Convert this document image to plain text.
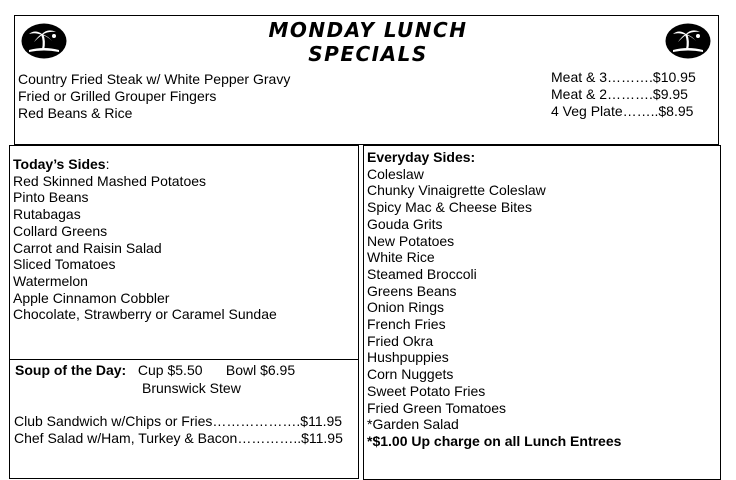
MONDAY LUNCH SPECIALS
Country Fried Steak w/ White Pepper Gravy
Fried or Grilled Grouper Fingers
Red Beans & Rice
Meat & 3……….$10.95
Meat & 2……….$9.95
4 Veg Plate……..$8.95
Today’s Sides:
Red Skinned Mashed Potatoes
Pinto Beans
Rutabagas
Collard Greens
Carrot and Raisin Salad
Sliced Tomatoes
Watermelon
Apple Cinnamon Cobbler
Chocolate, Strawberry or Caramel Sundae
Soup of the Day: Cup $5.50 Bowl $6.95
Brunswick Stew
Club Sandwich w/Chips or Fries……………….$11.95
Chef Salad w/Ham, Turkey & Bacon…………..$11.95
Everyday Sides:
Coleslaw
Chunky Vinaigrette Coleslaw
Spicy Mac & Cheese Bites
Gouda Grits
New Potatoes
White Rice
Steamed Broccoli
Greens Beans
Onion Rings
French Fries
Fried Okra
Hushpuppies
Corn Nuggets
Sweet Potato Fries
Fried Green Tomatoes
*Garden Salad
*$1.00 Up charge on all Lunch Entrees
